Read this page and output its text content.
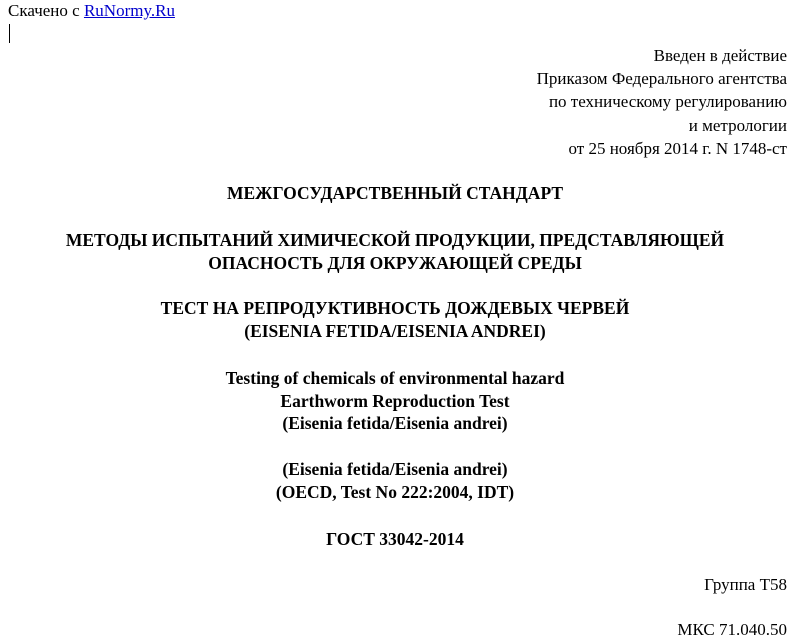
Скачено с RuNormy.Ru
Введен в действие
Приказом Федерального агентства
по техническому регулированию
и метрологии
от 25 ноября 2014 г. N 1748-ст
МЕЖГОСУДАРСТВЕННЫЙ СТАНДАРТ
МЕТОДЫ ИСПЫТАНИЙ ХИМИЧЕСКОЙ ПРОДУКЦИИ, ПРЕДСТАВЛЯЮЩЕЙ
ОПАСНОСТЬ ДЛЯ ОКРУЖАЮЩЕЙ СРЕДЫ
ТЕСТ НА РЕПРОДУКТИВНОСТЬ ДОЖДЕВЫХ ЧЕРВЕЙ
(EISENIA FETIDA/EISENIA ANDREI)
Testing of chemicals of environmental hazard
Earthworm Reproduction Test
(Eisenia fetida/Eisenia andrei)
(Eisenia fetida/Eisenia andrei)
(OECD, Test No 222:2004, IDT)
ГОСТ 33042-2014
Группа Т58
МКС 71.040.50
